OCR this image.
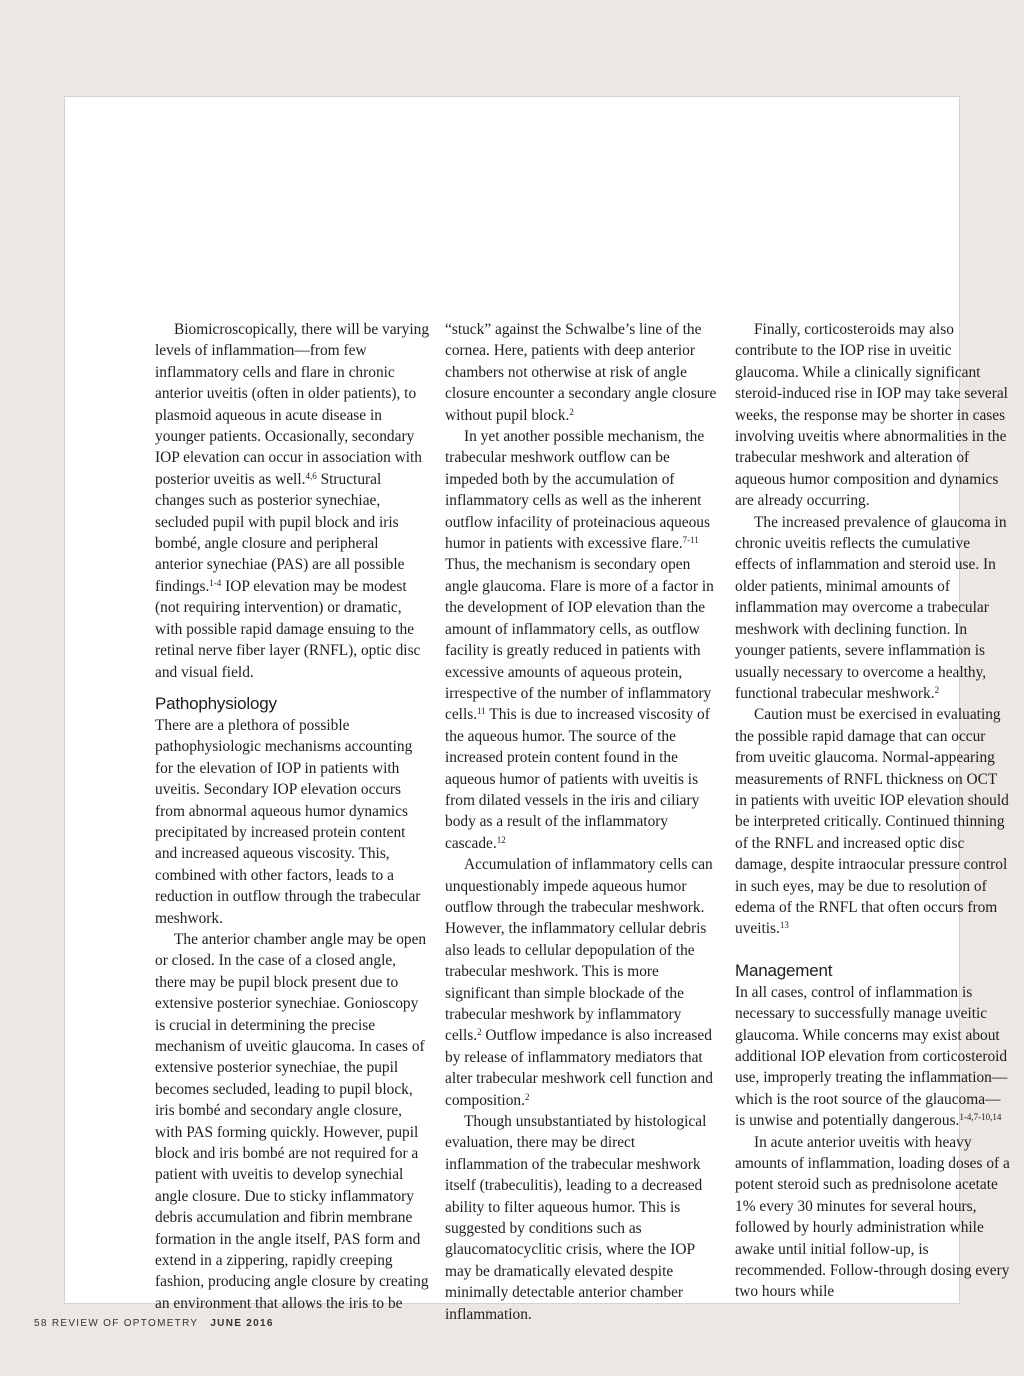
Biomicroscopically, there will be varying levels of inflammation—from few inflammatory cells and flare in chronic anterior uveitis (often in older patients), to plasmoid aqueous in acute disease in younger patients. Occasionally, secondary IOP elevation can occur in association with posterior uveitis as well.$^{4,6}$ Structural changes such as posterior synechiae, secluded pupil with pupil block and iris bombé, angle closure and peripheral anterior synechiae (PAS) are all possible findings.$^{1-4}$ IOP elevation may be modest (not requiring intervention) or dramatic, with possible rapid damage ensuing to the retinal nerve fiber layer (RNFL), optic disc and visual field.

Pathophysiology

There are a plethora of possible pathophysiologic mechanisms accounting for the elevation of IOP in patients with uveitis. Secondary IOP elevation occurs from abnormal aqueous humor dynamics precipitated by increased protein content and increased aqueous viscosity. This, combined with other factors, leads to a reduction in outflow through the trabecular meshwork.

The anterior chamber angle may be open or closed. In the case of a closed angle, there may be pupil block present due to extensive posterior synechiae. Gonioscopy is crucial in determining the precise mechanism of uveitic glaucoma. In cases of extensive posterior synechiae, the pupil becomes secluded, leading to pupil block, iris bombé and secondary angle closure, with PAS forming quickly. However, pupil block and iris bombé are not required for a patient with uveitis to develop synechial angle closure. Due to sticky inflammatory debris accumulation and fibrin membrane formation in the angle itself, PAS form and extend in a zippering, rapidly creeping fashion, producing angle closure by creating an environment that allows the iris to be

“stuck” against the Schwalbe’s line of the cornea. Here, patients with deep anterior chambers not otherwise at risk of angle closure encounter a secondary angle closure without pupil block.$^2$

In yet another possible mechanism, the trabecular meshwork outflow can be impeded both by the accumulation of inflammatory cells as well as the inherent outflow infacility of proteinacious aqueous humor in patients with excessive flare.$^{7-11}$ Thus, the mechanism is secondary open angle glaucoma. Flare is more of a factor in the development of IOP elevation than the amount of inflammatory cells, as outflow facility is greatly reduced in patients with excessive amounts of aqueous protein, irrespective of the number of inflammatory cells.$^{11}$ This is due to increased viscosity of the aqueous humor. The source of the increased protein content found in the aqueous humor of patients with uveitis is from dilated vessels in the iris and ciliary body as a result of the inflammatory cascade.$^{12}$

Accumulation of inflammatory cells can unquestionably impede aqueous humor outflow through the trabecular meshwork. However, the inflammatory cellular debris also leads to cellular depopulation of the trabecular meshwork. This is more significant than simple blockade of the trabecular meshwork by inflammatory cells.$^2$ Outflow impedance is also increased by release of inflammatory mediators that alter trabecular meshwork cell function and composition.$^2$

Though unsubstantiated by histological evaluation, there may be direct inflammation of the trabecular meshwork itself (trabeculitis), leading to a decreased ability to filter aqueous humor. This is suggested by conditions such as glaucomatocyclitic crisis, where the IOP may be dramatically elevated despite minimally detectable anterior chamber inflammation.

Finally, corticosteroids may also contribute to the IOP rise in uveitic glaucoma. While a clinically significant steroid-induced rise in IOP may take several weeks, the response may be shorter in cases involving uveitis where abnormalities in the trabecular meshwork and alteration of aqueous humor composition and dynamics are already occurring.

The increased prevalence of glaucoma in chronic uveitis reflects the cumulative effects of inflammation and steroid use. In older patients, minimal amounts of inflammation may overcome a trabecular meshwork with declining function. In younger patients, severe inflammation is usually necessary to overcome a healthy, functional trabecular meshwork.$^2$

Caution must be exercised in evaluating the possible rapid damage that can occur from uveitic glaucoma. Normal-appearing measurements of RNFL thickness on OCT in patients with uveitic IOP elevation should be interpreted critically. Continued thinning of the RNFL and increased optic disc damage, despite intraocular pressure control in such eyes, may be due to resolution of edema of the RNFL that often occurs from uveitis.$^{13}$

Management

In all cases, control of inflammation is necessary to successfully manage uveitic glaucoma. While concerns may exist about additional IOP elevation from corticosteroid use, improperly treating the inflammation—which is the root source of the glaucoma—is unwise and potentially dangerous.$^{1-4,7-10,14}$

In acute anterior uveitis with heavy amounts of inflammation, loading doses of a potent steroid such as prednisolone acetate 1% every 30 minutes for several hours, followed by hourly administration while awake until initial follow-up, is recommended. Follow-through dosing every two hours while

58 REVIEW OF OPTOMETRY JUNE 2016
